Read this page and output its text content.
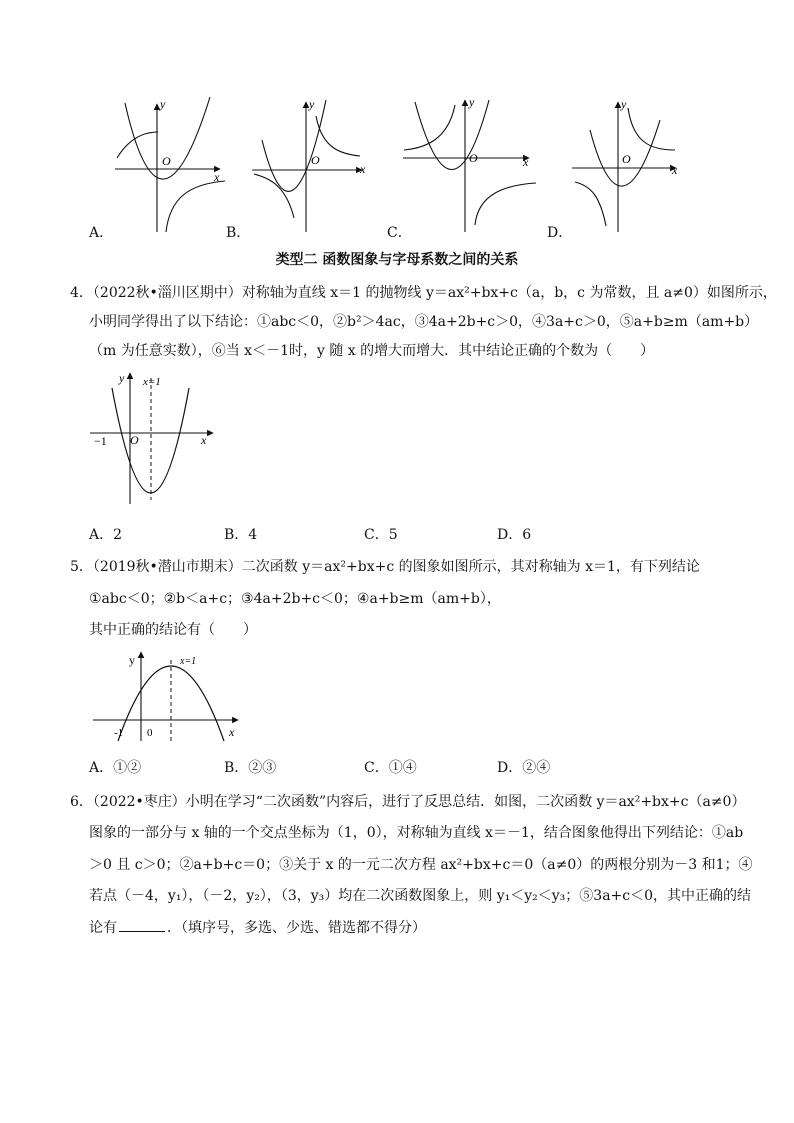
O
y
x
O
y
x
O
y
x	O
y
x
A．	B．	C．	D．
类型二 函数图象与字母系数之间的关系
4．（2022秋•淄川区期中）对称轴为直线 x＝1 的抛物线 y＝ax²+bx+c（a，b，c 为常数，且 a≠0）如图所示，
小明同学得出了以下结论：①abc＜0，②b²＞4ac，③4a+2b+c＞0，④3a+c＞0，⑤a+b≥m（am+b）
（m 为任意实数），⑥当 x＜－1时，y 随 x 的增大而增大．其中结论正确的个数为（　　）
y x=1
−1 O	x
A．2	B．4	C．5	D．6
5．（2019秋•潜山市期末）二次函数 y＝ax²+bx+c 的图象如图所示，其对称轴为 x＝1，有下列结论
①abc＜0；②b＜a+c；③4a+2b+c＜0；④a+b≥m（am+b），
其中正确的结论有（　　）
y	x=1
-1 0	x
A．①②	B．②③	C．①④	D．②④
6．（2022•枣庄）小明在学习“二次函数”内容后，进行了反思总结．如图，二次函数 y＝ax²+bx+c（a≠0）
图象的一部分与 x 轴的一个交点坐标为（1，0），对称轴为直线 x＝－1，结合图象他得出下列结论：①ab
＞0 且 c＞0；②a+b+c＝0；③关于 x 的一元二次方程 ax²+bx+c＝0（a≠0）的两根分别为－3 和1；④
若点（－4，y₁），（－2，y₂），（3，y₃）均在二次函数图象上，则 y₁＜y₂＜y₃；⑤3a+c＜0，其中正确的结
论有	．（填序号，多选、少选、错选都不得分）
